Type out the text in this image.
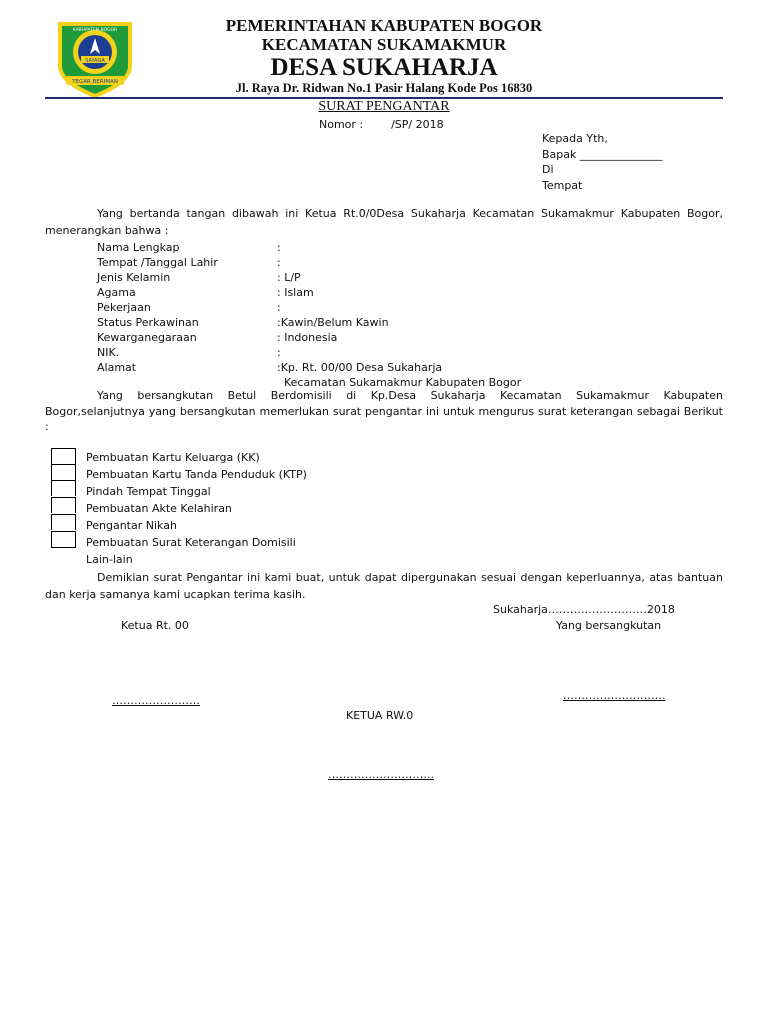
SAYAGA
TEGAR BERIMAN
KABUPATEN BOGOR	PEMERINTAHAN KABUPATEN BOGOR
KECAMATAN SUKAMAKMUR
DESA SUKAHARJA
Jl. Raya Dr. Ridwan No.1 Pasir Halang Kode Pos 16830
SURAT PENGANTAR
Nomor :        /SP/ 2018
Kepada Yth,
Bapak _______________
Di
Tempat
Yang bertanda tangan dibawah ini Ketua Rt.0/0Desa Sukaharja Kecamatan Sukamakmur Kabupaten Bogor, menerangkan bahwa :
Nama Lengkap	:
Tempat /Tanggal Lahir	:
Jenis Kelamin	: L/P
Agama	: Islam
Pekerjaan	:
Status Perkawinan	:Kawin/Belum Kawin
Kewarganegaraan	: Indonesia
NIK.	:
Alamat	:Kp. Rt. 00/00 Desa Sukaharja
Kecamatan Sukamakmur Kabupaten Bogor
Yang bersangkutan Betul Berdomisili di Kp.Desa Sukaharja Kecamatan Sukamakmur Kabupaten Bogor,selanjutnya yang bersangkutan memerlukan surat pengantar ini untuk mengurus surat keterangan sebagai Berikut :
Pembuatan Kartu Keluarga (KK)
Pembuatan Kartu Tanda Penduduk (KTP)
Pindah Tempat Tinggal
Pembuatan Akte Kelahiran
Pengantar Nikah
Pembuatan Surat Keterangan Domisili
Lain-lain
Demikian surat Pengantar ini kami buat, untuk dapat dipergunakan sesuai dengan keperluannya, atas bantuan dan kerja samanya kami ucapkan terima kasih.
Sukaharja………………………2018
Ketua Rt. 00	Yang bersangkutan
……………………	……………………….
KETUA RW.0
………………………..
